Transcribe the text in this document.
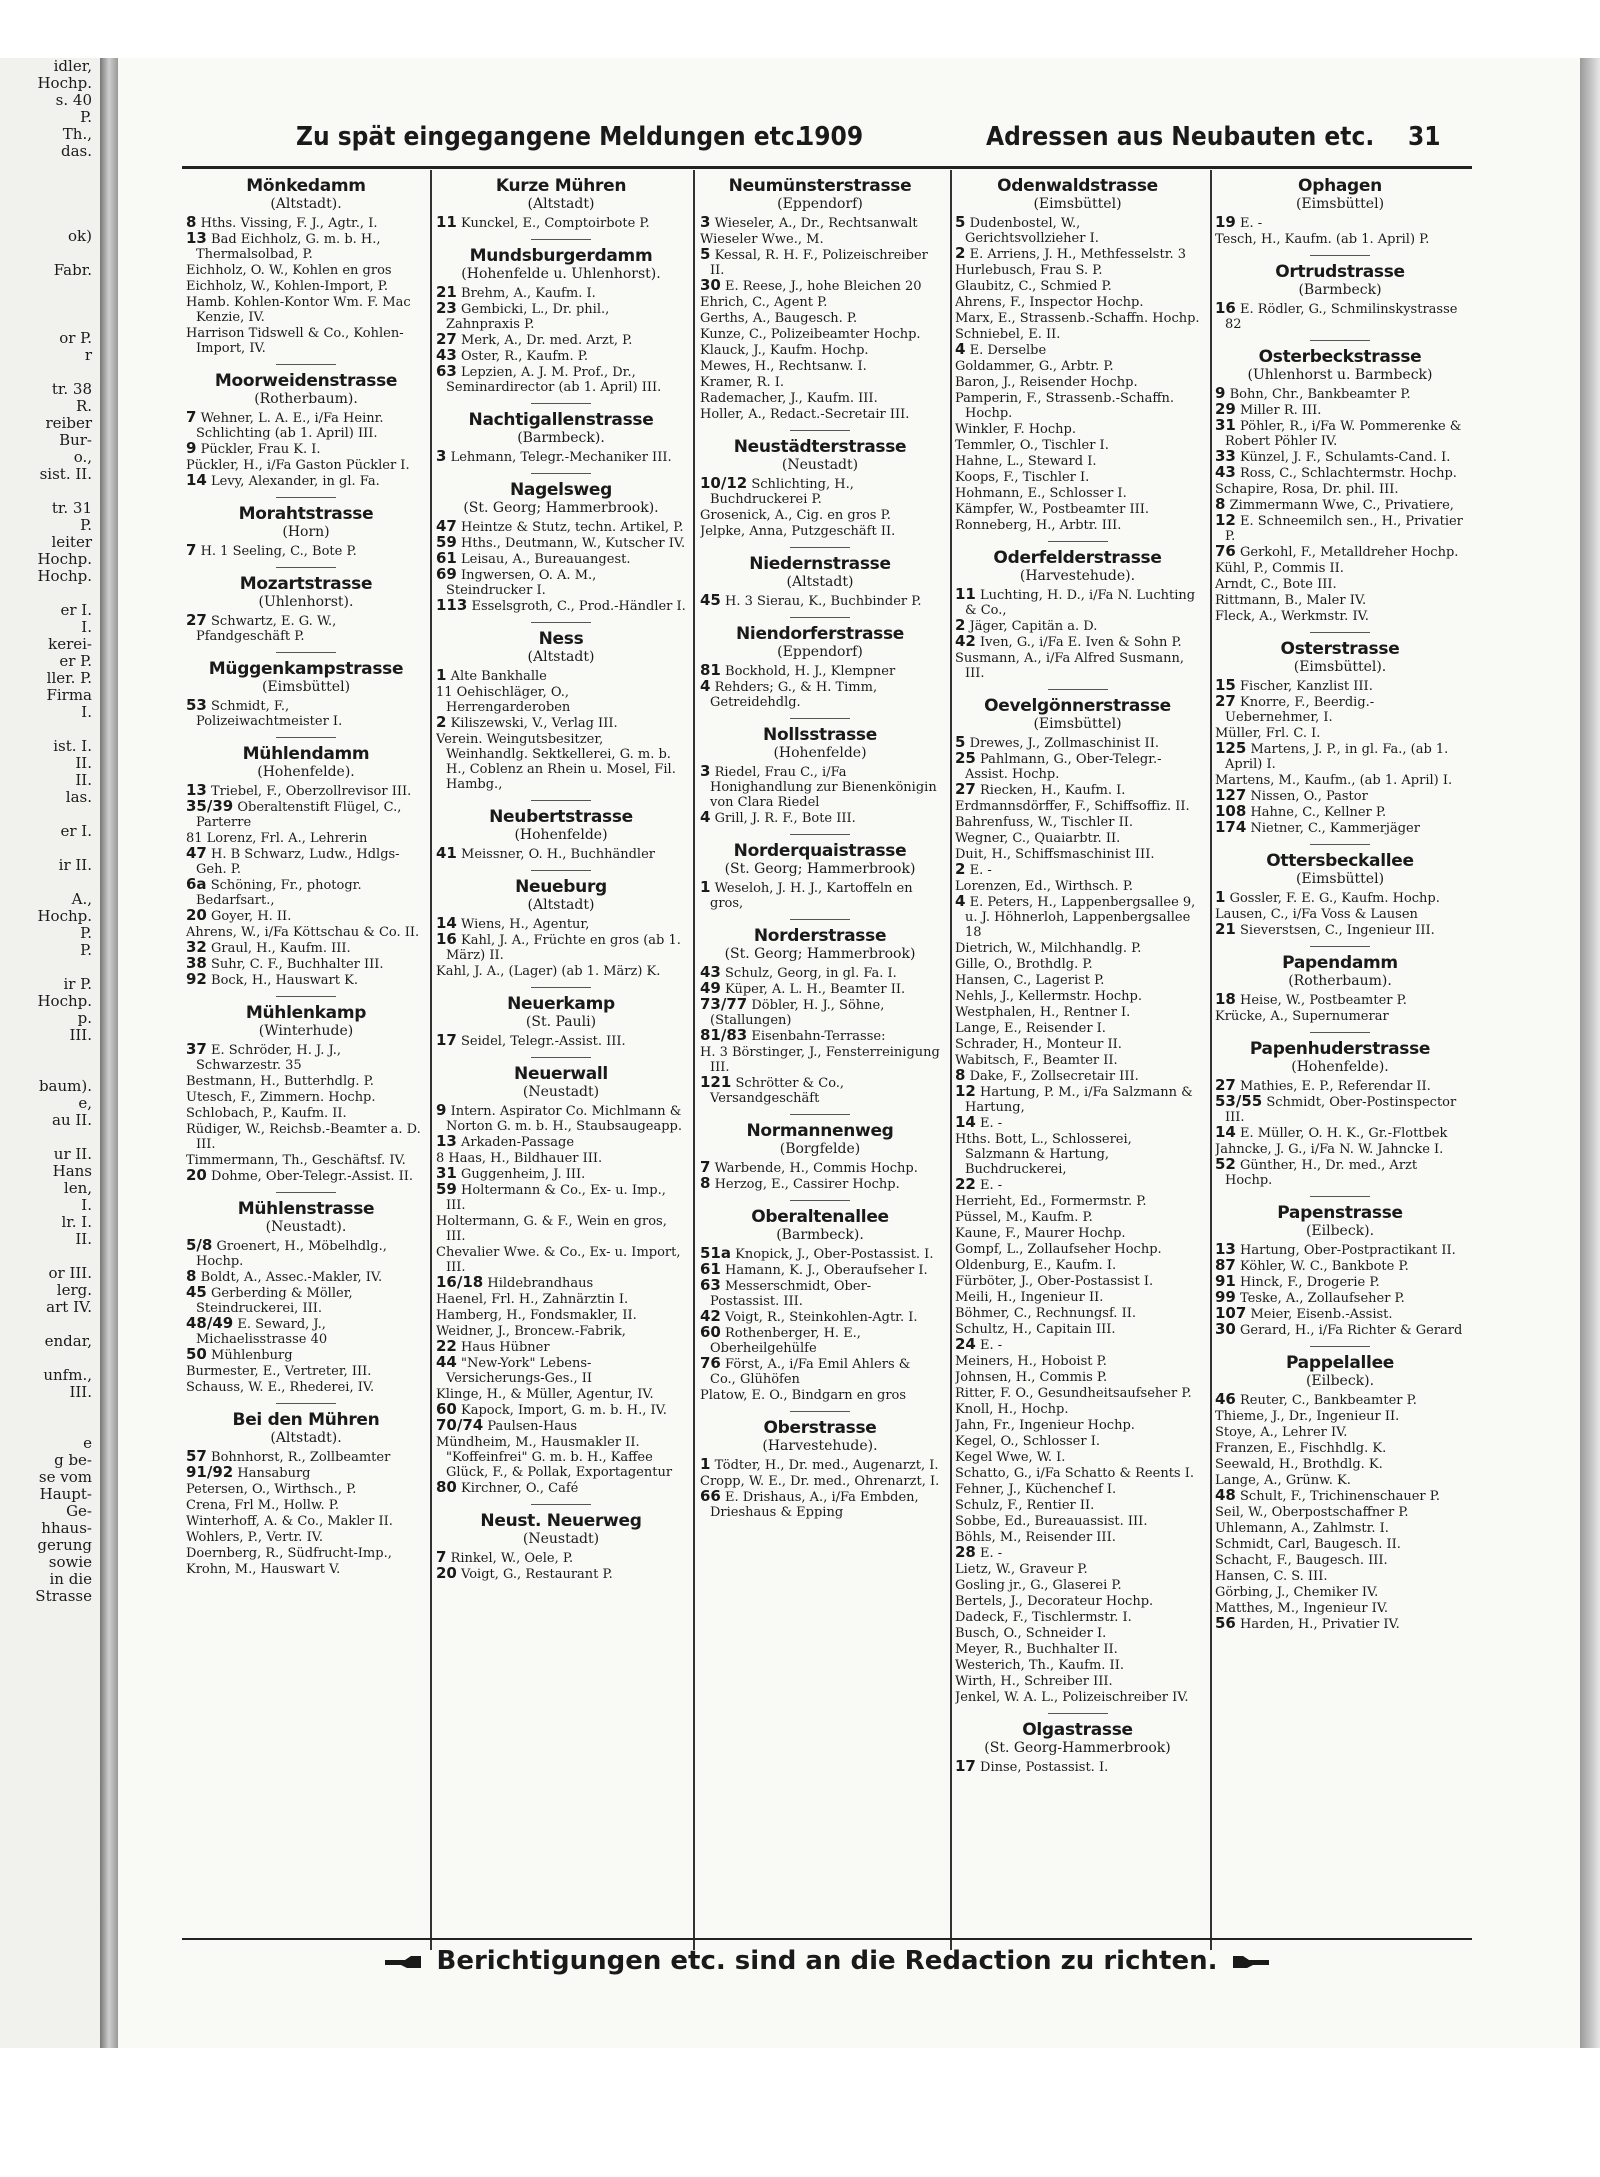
idler,
Hochp.
s. 40
P.
Th.,
das.
ok)
Fabr.
or P.
r
tr. 38
R.
reiber
Bur-
o.,
sist. II.
tr. 31
P.
leiter
Hochp.
Hochp.
er I.
I.
kerei-
er P.
ller. P.
Firma
I.
ist. I.
II.
II.
las.
er I.
ir II.
A.,
Hochp.
P.
P.
ir P.
Hochp.
p.
III.
baum).
e,
au II.
ur II.
Hans
len,
I.
lr. I.
II.
or III.
lerg.
art IV.
endar,
unfm.,
III.
e
g be-
se vom
Haupt-
Ge-
hhaus-
gerung
sowie
in die
Strasse
Zu spät eingegangene Meldungen etc.
1909	Adressen aus Neubauten etc. 31
Mönkedamm
(Altstadt).
8 Hths. Vissing, F. J., Agtr., I.
13 Bad Eichholz, G. m. b. H., Thermalsolbad, P.
Eichholz, O. W., Kohlen en gros
Eichholz, W., Kohlen-Import, P.
Hamb. Kohlen-Kontor Wm. F. Mac Kenzie, IV.
Harrison Tidswell & Co., Kohlen-Import, IV.
Moorweidenstrasse
(Rotherbaum).
7 Wehner, L. A. E., i/Fa Heinr. Schlichting (ab 1. April) III.
9 Pückler, Frau K. I.
Pückler, H., i/Fa Gaston Pückler I.
14 Levy, Alexander, in gl. Fa.
Morahtstrasse
(Horn)
7 H. 1 Seeling, C., Bote P.
Mozartstrasse
(Uhlenhorst).
27 Schwartz, E. G. W., Pfandgeschäft P.
Müggenkampstrasse
(Eimsbüttel)
53 Schmidt, F., Polizeiwachtmeister I.
Mühlendamm
(Hohenfelde).
13 Triebel, F., Oberzollrevisor III.
35/39 Oberaltenstift Flügel, C., Parterre
81 Lorenz, Frl. A., Lehrerin
47 H. B Schwarz, Ludw., Hdlgs-Geh. P.
6a Schöning, Fr., photogr. Bedarfsart.,
20 Goyer, H. II.
Ahrens, W., i/Fa Köttschau & Co. II.
32 Graul, H., Kaufm. III.
38 Suhr, C. F., Buchhalter III.
92 Bock, H., Hauswart K.
Mühlenkamp
(Winterhude)
37 E. Schröder, H. J. J., Schwarzestr. 35
Bestmann, H., Butterhdlg. P.
Utesch, F., Zimmern. Hochp.
Schlobach, P., Kaufm. II.
Rüdiger, W., Reichsb.-Beamter a. D. III.
Timmermann, Th., Geschäftsf. IV.
20 Dohme, Ober-Telegr.-Assist. II.
Mühlenstrasse
(Neustadt).
5/8 Groenert, H., Möbelhdlg., Hochp.
8 Boldt, A., Assec.-Makler, IV.
45 Gerberding & Möller, Steindruckerei, III.
48/49 E. Seward, J., Michaelisstrasse 40
50 Mühlenburg
Burmester, E., Vertreter, III.
Schauss, W. E., Rhederei, IV.
Bei den Mühren
(Altstadt).
57 Bohnhorst, R., Zollbeamter
91/92 Hansaburg
Petersen, O., Wirthsch., P.
Crena, Frl M., Hollw. P.
Winterhoff, A. & Co., Makler II.
Wohlers, P., Vertr. IV.
Doernberg, R., Südfrucht-Imp.,
Krohn, M., Hauswart V.
Kurze Mühren
(Altstadt)
11 Kunckel, E., Comptoirbote P.
Mundsburgerdamm
(Hohenfelde u. Uhlenhorst).
21 Brehm, A., Kaufm. I.
23 Gembicki, L., Dr. phil., Zahnpraxis P.
27 Merk, A., Dr. med. Arzt, P.
43 Oster, R., Kaufm. P.
63 Lepzien, A. J. M. Prof., Dr., Seminardirector (ab 1. April) III.
Nachtigallenstrasse
(Barmbeck).
3 Lehmann, Telegr.-Mechaniker III.
Nagelsweg
(St. Georg; Hammerbrook).
47 Heintze & Stutz, techn. Artikel, P.
59 Hths., Deutmann, W., Kutscher IV.
61 Leisau, A., Bureauangest.
69 Ingwersen, O. A. M., Steindrucker I.
113 Esselsgroth, C., Prod.-Händler I.
Ness
(Altstadt)
1 Alte Bankhalle
11 Oehischläger, O., Herrengarderoben
2 Kiliszewski, V., Verlag III.
Verein. Weingutsbesitzer, Weinhandlg. Sektkellerei, G. m. b. H., Coblenz an Rhein u. Mosel, Fil. Hambg.,
Neubertstrasse
(Hohenfelde)
41 Meissner, O. H., Buchhändler
Neueburg
(Altstadt)
14 Wiens, H., Agentur,
16 Kahl, J. A., Früchte en gros (ab 1. März) II.
Kahl, J. A., (Lager) (ab 1. März) K.
Neuerkamp
(St. Pauli)
17 Seidel, Telegr.-Assist. III.
Neuerwall
(Neustadt)
9 Intern. Aspirator Co. Michlmann & Norton G. m. b. H., Staubsaugeapp.
13 Arkaden-Passage
8 Haas, H., Bildhauer III.
31 Guggenheim, J. III.
59 Holtermann & Co., Ex- u. Imp., III.
Holtermann, G. & F., Wein en gros, III.
Chevalier Wwe. & Co., Ex- u. Import, III.
16/18 Hildebrandhaus
Haenel, Frl. H., Zahnärztin I.
Hamberg, H., Fondsmakler, II.
Weidner, J., Broncew.-Fabrik,
22 Haus Hübner
44 "New-York" Lebens-Versicherungs-Ges., II
Klinge, H., & Müller, Agentur, IV.
60 Kapock, Import, G. m. b. H., IV.
70/74 Paulsen-Haus
Mündheim, M., Hausmakler II. "Koffeinfrei" G. m. b. H., Kaffee Glück, F., & Pollak, Exportagentur
80 Kirchner, O., Café
Neust. Neuerweg
(Neustadt)
7 Rinkel, W., Oele, P.
20 Voigt, G., Restaurant P.
Neumünsterstrasse
(Eppendorf)
3 Wieseler, A., Dr., Rechtsanwalt
Wieseler Wwe., M.
5 Kessal, R. H. F., Polizeischreiber II.
30 E. Reese, J., hohe Bleichen 20
Ehrich, C., Agent P.
Gerths, A., Baugesch. P.
Kunze, C., Polizeibeamter Hochp.
Klauck, J., Kaufm. Hochp.
Mewes, H., Rechtsanw. I.
Kramer, R. I.
Rademacher, J., Kaufm. III.
Holler, A., Redact.-Secretair III.
Neustädterstrasse
(Neustadt)
10/12 Schlichting, H., Buchdruckerei P.
Grosenick, A., Cig. en gros P.
Jelpke, Anna, Putzgeschäft II.
Niedernstrasse
(Altstadt)
45 H. 3 Sierau, K., Buchbinder P.
Niendorferstrasse
(Eppendorf)
81 Bockhold, H. J., Klempner
4 Rehders; G., & H. Timm, Getreidehdlg.
Nollsstrasse
(Hohenfelde)
3 Riedel, Frau C., i/Fa Honighandlung zur Bienenkönigin von Clara Riedel
4 Grill, J. R. F., Bote III.
Norderquaistrasse
(St. Georg; Hammerbrook)
1 Weseloh, J. H. J., Kartoffeln en gros,
Norderstrasse
(St. Georg; Hammerbrook)
43 Schulz, Georg, in gl. Fa. I.
49 Küper, A. L. H., Beamter II.
73/77 Döbler, H. J., Söhne, (Stallungen)
81/83 Eisenbahn-Terrasse:
H. 3 Börstinger, J., Fensterreinigung III.
121 Schrötter & Co., Versandgeschäft
Normannenweg
(Borgfelde)
7 Warbende, H., Commis Hochp.
8 Herzog, E., Cassirer Hochp.
Oberaltenallee
(Barmbeck).
51a Knopick, J., Ober-Postassist. I.
61 Hamann, K. J., Oberaufseher I.
63 Messerschmidt, Ober-Postassist. III.
42 Voigt, R., Steinkohlen-Agtr. I.
60 Rothenberger, H. E., Oberheilgehülfe
76 Först, A., i/Fa Emil Ahlers & Co., Glühöfen
Platow, E. O., Bindgarn en gros
Oberstrasse
(Harvestehude).
1 Tödter, H., Dr. med., Augenarzt, I.
Cropp, W. E., Dr. med., Ohrenarzt, I.
66 E. Drishaus, A., i/Fa Embden, Drieshaus & Epping
Odenwaldstrasse
(Eimsbüttel)
5 Dudenbostel, W., Gerichtsvollzieher I.
2 E. Arriens, J. H., Methfesselstr. 3
Hurlebusch, Frau S. P.
Glaubitz, C., Schmied P.
Ahrens, F., Inspector Hochp.
Marx, E., Strassenb.-Schaffn. Hochp.
Schniebel, E. II.
4 E. Derselbe
Goldammer, G., Arbtr. P.
Baron, J., Reisender Hochp.
Pamperin, F., Strassenb.-Schaffn. Hochp.
Winkler, F. Hochp.
Temmler, O., Tischler I.
Hahne, L., Steward I.
Koops, F., Tischler I.
Hohmann, E., Schlosser I.
Kämpfer, W., Postbeamter III.
Ronneberg, H., Arbtr. III.
Oderfelderstrasse
(Harvestehude).
11 Luchting, H. D., i/Fa N. Luchting & Co.,
2 Jäger, Capitän a. D.
42 Iven, G., i/Fa E. Iven & Sohn P.
Susmann, A., i/Fa Alfred Susmann, III.
Oevelgönnerstrasse
(Eimsbüttel)
5 Drewes, J., Zollmaschinist II.
25 Pahlmann, G., Ober-Telegr.-Assist. Hochp.
27 Riecken, H., Kaufm. I.
Erdmannsdörffer, F., Schiffsoffiz. II.
Bahrenfuss, W., Tischler II.
Wegner, C., Quaiarbtr. II.
Duit, H., Schiffsmaschinist III.
2 E. -
Lorenzen, Ed., Wirthsch. P.
4 E. Peters, H., Lappenbergsallee 9, u. J. Höhnerloh, Lappenbergsallee 18
Dietrich, W., Milchhandlg. P.
Gille, O., Brothdlg. P.
Hansen, C., Lagerist P.
Nehls, J., Kellermstr. Hochp.
Westphalen, H., Rentner I.
Lange, E., Reisender I.
Schrader, H., Monteur II.
Wabitsch, F., Beamter II.
8 Dake, F., Zollsecretair III.
12 Hartung, P. M., i/Fa Salzmann & Hartung,
14 E. -
Hths. Bott, L., Schlosserei, Salzmann & Hartung, Buchdruckerei,
22 E. -
Herrieht, Ed., Formermstr. P.
Püssel, M., Kaufm. P.
Kaune, F., Maurer Hochp.
Gompf, L., Zollaufseher Hochp.
Oldenburg, E., Kaufm. I.
Fürböter, J., Ober-Postassist I.
Meili, H., Ingenieur II.
Böhmer, C., Rechnungsf. II.
Schultz, H., Capitain III.
24 E. -
Meiners, H., Hoboist P.
Johnsen, H., Commis P.
Ritter, F. O., Gesundheitsaufseher P.
Knoll, H., Hochp.
Jahn, Fr., Ingenieur Hochp.
Kegel, O., Schlosser I.
Kegel Wwe, W. I.
Schatto, G., i/Fa Schatto & Reents I.
Fehner, J., Küchenchef I.
Schulz, F., Rentier II.
Sobbe, Ed., Bureauassist. III.
Böhls, M., Reisender III.
28 E. -
Lietz, W., Graveur P.
Gosling jr., G., Glaserei P.
Bertels, J., Decorateur Hochp.
Dadeck, F., Tischlermstr. I.
Busch, O., Schneider I.
Meyer, R., Buchhalter II.
Westerich, Th., Kaufm. II.
Wirth, H., Schreiber III.
Jenkel, W. A. L., Polizeischreiber IV.
Olgastrasse
(St. Georg-Hammerbrook)
17 Dinse, Postassist. I.
Ophagen
(Eimsbüttel)
19 E. -
Tesch, H., Kaufm. (ab 1. April) P.
Ortrudstrasse
(Barmbeck)
16 E. Rödler, G., Schmilinskystrasse 82
Osterbeckstrasse
(Uhlenhorst u. Barmbeck)
9 Bohn, Chr., Bankbeamter P.
29 Miller R. III.
31 Pöhler, R., i/Fa W. Pommerenke & Robert Pöhler IV.
33 Künzel, J. F., Schulamts-Cand. I.
43 Ross, C., Schlachtermstr. Hochp.
Schapire, Rosa, Dr. phil. III.
8 Zimmermann Wwe, C., Privatiere,
12 E. Schneemilch sen., H., Privatier P.
76 Gerkohl, F., Metalldreher Hochp.
Kühl, P., Commis II.
Arndt, C., Bote III.
Rittmann, B., Maler IV.
Fleck, A., Werkmstr. IV.
Osterstrasse
(Eimsbüttel).
15 Fischer, Kanzlist III.
27 Knorre, F., Beerdig.-Uebernehmer, I.
Müller, Frl. C. I.
125 Martens, J. P., in gl. Fa., (ab 1. April) I.
Martens, M., Kaufm., (ab 1. April) I.
127 Nissen, O., Pastor
108 Hahne, C., Kellner P.
174 Nietner, C., Kammerjäger
Ottersbeckallee
(Eimsbüttel)
1 Gossler, F. E. G., Kaufm. Hochp.
Lausen, C., i/Fa Voss & Lausen
21 Sieverstsen, C., Ingenieur III.
Papendamm
(Rotherbaum).
18 Heise, W., Postbeamter P.
Krücke, A., Supernumerar
Papenhuderstrasse
(Hohenfelde).
27 Mathies, E. P., Referendar II.
53/55 Schmidt, Ober-Postinspector III.
14 E. Müller, O. H. K., Gr.-Flottbek
Jahncke, J. G., i/Fa N. W. Jahncke I.
52 Günther, H., Dr. med., Arzt Hochp.
Papenstrasse
(Eilbeck).
13 Hartung, Ober-Postpractikant II.
87 Köhler, W. C., Bankbote P.
91 Hinck, F., Drogerie P.
99 Teske, A., Zollaufseher P.
107 Meier, Eisenb.-Assist.
30 Gerard, H., i/Fa Richter & Gerard
Pappelallee
(Eilbeck).
46 Reuter, C., Bankbeamter P.
Thieme, J., Dr., Ingenieur II.
Stoye, A., Lehrer IV.
Franzen, E., Fischhdlg. K.
Seewald, H., Brothdlg. K.
Lange, A., Grünw. K.
48 Schult, F., Trichinenschauer P.
Seil, W., Oberpostschaffner P.
Uhlemann, A., Zahlmstr. I.
Schmidt, Carl, Baugesch. II.
Schacht, F., Baugesch. III.
Hansen, C. S. III.
Görbing, J., Chemiker IV.
Matthes, M., Ingenieur IV.
56 Harden, H., Privatier IV.
Berichtigungen etc. sind an die Redaction zu richten.
